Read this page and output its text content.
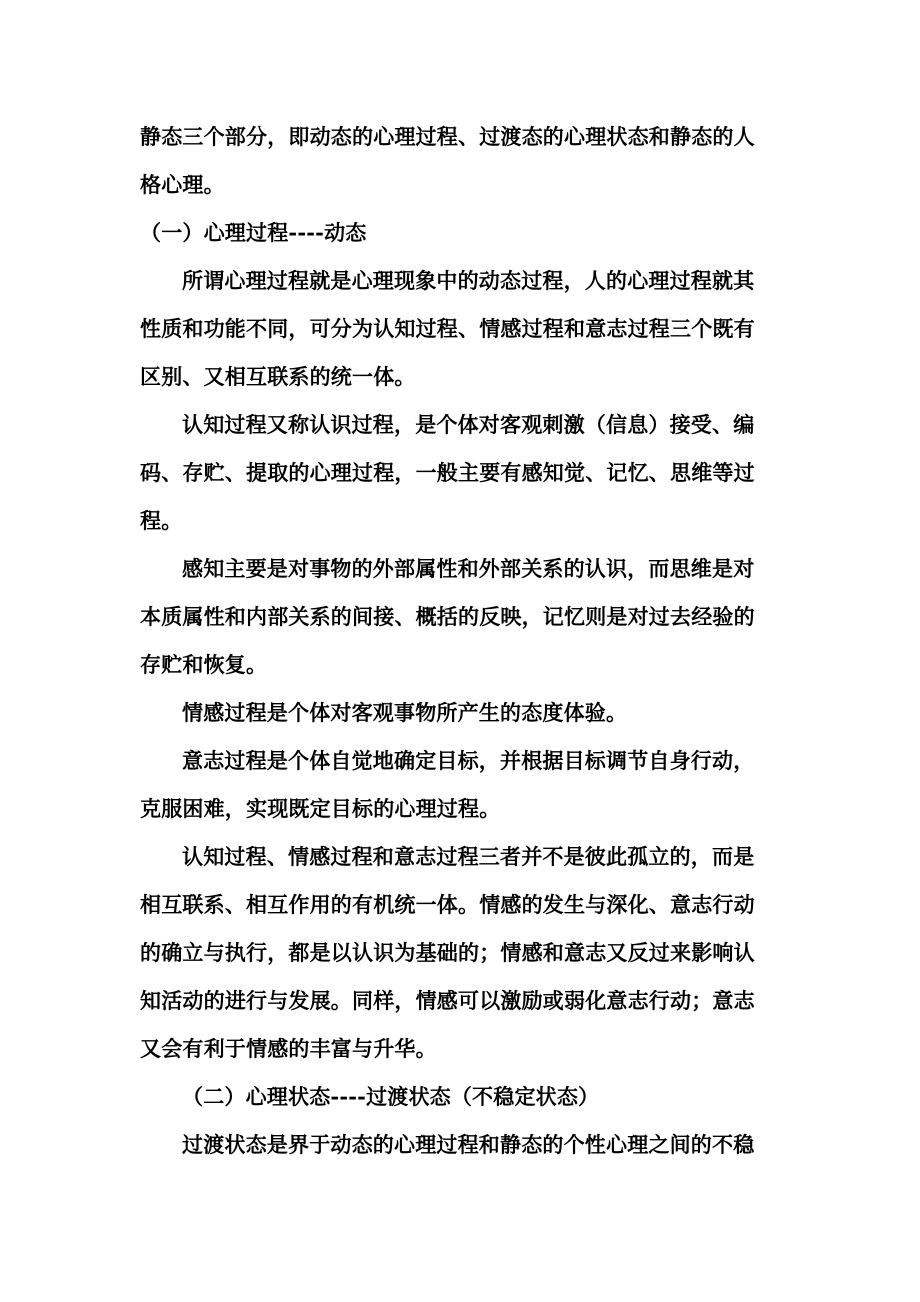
静态三个部分，即动态的心理过程、过渡态的心理状态和静态的人
格心理。
（一）心理过程----动态
所谓心理过程就是心理现象中的动态过程，人的心理过程就其
性质和功能不同，可分为认知过程、情感过程和意志过程三个既有
区别、又相互联系的统一体。
认知过程又称认识过程，是个体对客观刺激（信息）接受、编
码、存贮、提取的心理过程，一般主要有感知觉、记忆、思维等过
程。
感知主要是对事物的外部属性和外部关系的认识，而思维是对
本质属性和内部关系的间接、概括的反映，记忆则是对过去经验的
存贮和恢复。
情感过程是个体对客观事物所产生的态度体验。
意志过程是个体自觉地确定目标，并根据目标调节自身行动，
克服困难，实现既定目标的心理过程。
认知过程、情感过程和意志过程三者并不是彼此孤立的，而是
相互联系、相互作用的有机统一体。情感的发生与深化、意志行动
的确立与执行，都是以认识为基础的；情感和意志又反过来影响认
知活动的进行与发展。同样，情感可以激励或弱化意志行动；意志
又会有利于情感的丰富与升华。
（二）心理状态----过渡状态（不稳定状态）
过渡状态是界于动态的心理过程和静态的个性心理之间的不稳
